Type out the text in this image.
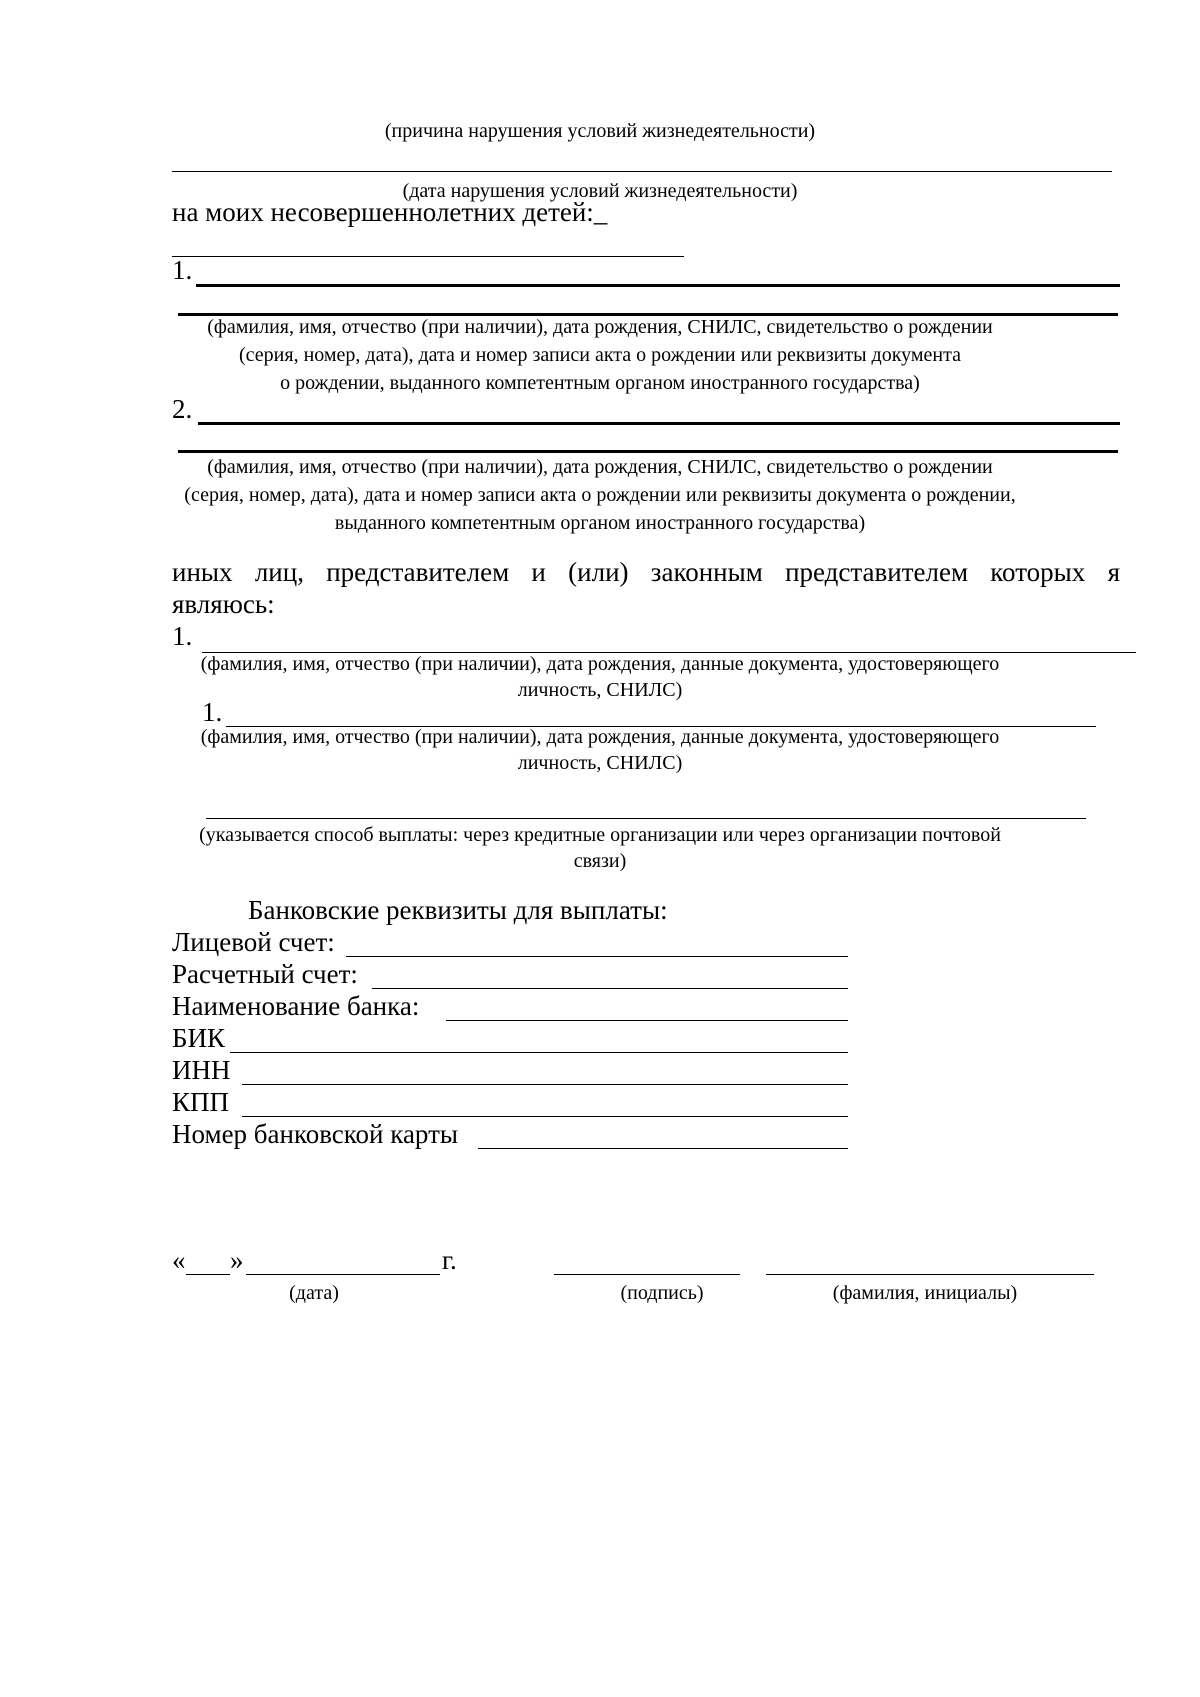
(причина нарушения условий жизнедеятельности)
(дата нарушения условий жизнедеятельности)
на моих несовершеннолетних детей:_
1.
(фамилия, имя, отчество (при наличии), дата рождения, СНИЛС, свидетельство о рождении
(серия, номер, дата), дата и номер записи акта о рождении или реквизиты документа
о рождении, выданного компетентным органом иностранного государства)
2.
(фамилия, имя, отчество (при наличии), дата рождения, СНИЛС, свидетельство о рождении
(серия, номер, дата), дата и номер записи акта о рождении или реквизиты документа о рождении,
выданного компетентным органом иностранного государства)
иных лиц, представителем и (или) законным представителем которых я
являюсь:
1.
(фамилия, имя, отчество (при наличии), дата рождения, данные документа, удостоверяющего
личность, СНИЛС)
1.
(фамилия, имя, отчество (при наличии), дата рождения, данные документа, удостоверяющего
личность, СНИЛС)
(указывается способ выплаты: через кредитные организации или через организации почтовой
связи)
Банковские реквизиты для выплаты:
Лицевой счет:
Расчетный счет:
Наименование банка:
БИК
ИНН
КПП
Номер банковской карты
« »	г.
(дата)	(подпись)	(фамилия, инициалы)
